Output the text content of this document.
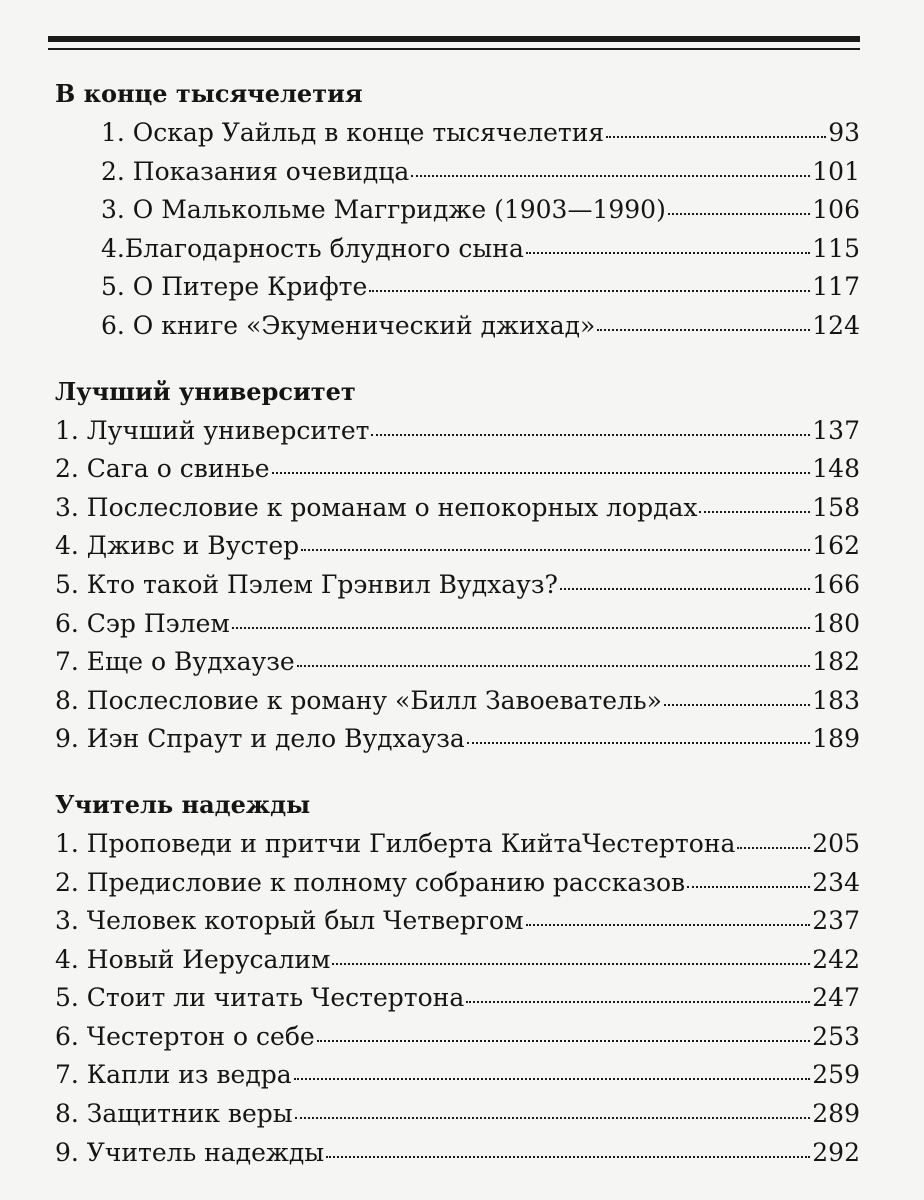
В конце тысячелетия
1. Оскар Уайльд в конце тысячелетия	93
2. Показания очевидца	101
3. О Малькольме Маггридже (1903—1990)	106
4.Благодарность блудного сына	115
5. О Питере Крифте	117
6. О книге «Экуменический джихад»	124
Лучший университет
1. Лучший университет	137
2. Сага о свинье	148
3. Послесловие к романам о непокорных лордах	158
4. Дживс и Вустер	162
5. Кто такой Пэлем Грэнвил Вудхауз?	166
6. Сэр Пэлем	180
7. Еще о Вудхаузе	182
8. Послесловие к роману «Билл Завоеватель»	183
9. Иэн Спраут и дело Вудхауза	189
Учитель надежды
1. Проповеди и притчи Гилберта КийтаЧестертона	205
2. Предисловие к полному собранию рассказов	234
3. Человек который был Четвергом	237
4. Новый Иерусалим	242
5. Стоит ли читать Честертона	247
6. Честертон о себе	253
7. Капли из ведра	259
8. Защитник веры	289
9. Учитель надежды	292
